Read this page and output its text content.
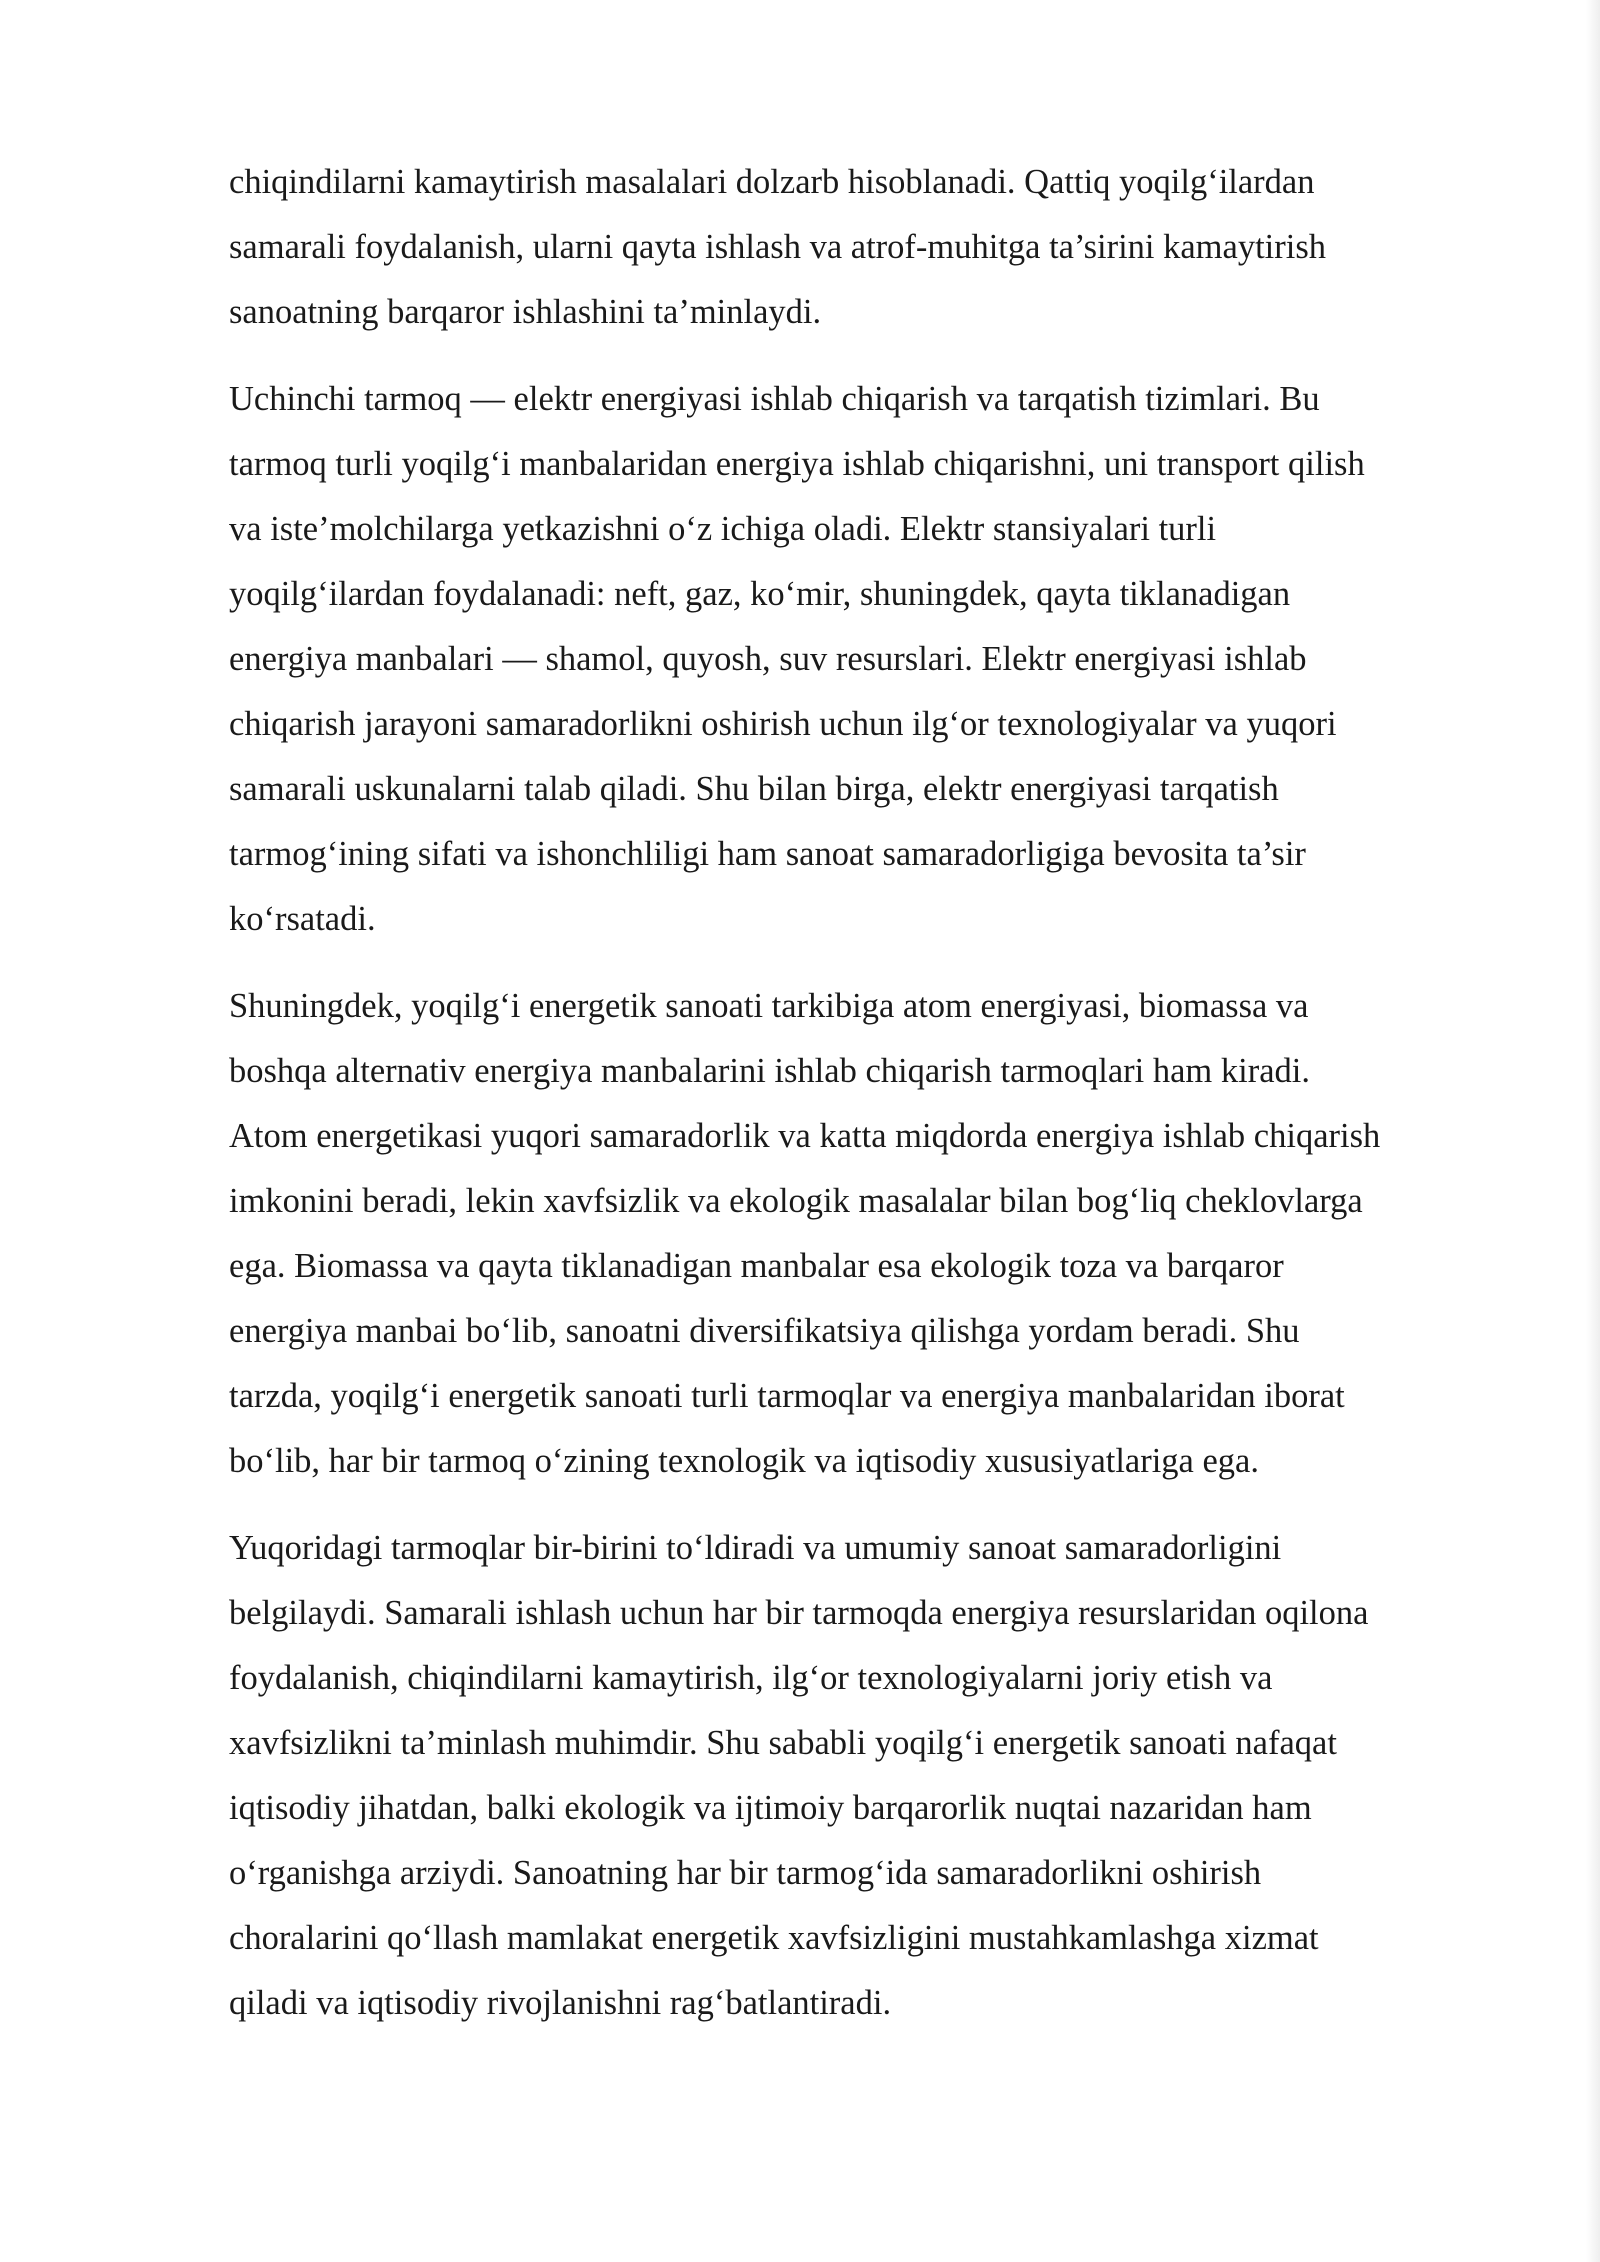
chiqindilarni kamaytirish masalalari dolzarb hisoblanadi. Qattiq yoqilg‘ilardan
samarali foydalanish, ularni qayta ishlash va atrof-muhitga ta’sirini kamaytirish
sanoatning barqaror ishlashini ta’minlaydi.

Uchinchi tarmoq — elektr energiyasi ishlab chiqarish va tarqatish tizimlari. Bu
tarmoq turli yoqilg‘i manbalaridan energiya ishlab chiqarishni, uni transport qilish
va iste’molchilarga yetkazishni o‘z ichiga oladi. Elektr stansiyalari turli
yoqilg‘ilardan foydalanadi: neft, gaz, ko‘mir, shuningdek, qayta tiklanadigan
energiya manbalari — shamol, quyosh, suv resurslari. Elektr energiyasi ishlab
chiqarish jarayoni samaradorlikni oshirish uchun ilg‘or texnologiyalar va yuqori
samarali uskunalarni talab qiladi. Shu bilan birga, elektr energiyasi tarqatish
tarmog‘ining sifati va ishonchliligi ham sanoat samaradorligiga bevosita ta’sir
ko‘rsatadi.

Shuningdek, yoqilg‘i energetik sanoati tarkibiga atom energiyasi, biomassa va
boshqa alternativ energiya manbalarini ishlab chiqarish tarmoqlari ham kiradi.
Atom energetikasi yuqori samaradorlik va katta miqdorda energiya ishlab chiqarish
imkonini beradi, lekin xavfsizlik va ekologik masalalar bilan bog‘liq cheklovlarga
ega. Biomassa va qayta tiklanadigan manbalar esa ekologik toza va barqaror
energiya manbai bo‘lib, sanoatni diversifikatsiya qilishga yordam beradi. Shu
tarzda, yoqilg‘i energetik sanoati turli tarmoqlar va energiya manbalaridan iborat
bo‘lib, har bir tarmoq o‘zining texnologik va iqtisodiy xususiyatlariga ega.

Yuqoridagi tarmoqlar bir-birini to‘ldiradi va umumiy sanoat samaradorligini
belgilaydi. Samarali ishlash uchun har bir tarmoqda energiya resurslaridan oqilona
foydalanish, chiqindilarni kamaytirish, ilg‘or texnologiyalarni joriy etish va
xavfsizlikni ta’minlash muhimdir. Shu sababli yoqilg‘i energetik sanoati nafaqat
iqtisodiy jihatdan, balki ekologik va ijtimoiy barqarorlik nuqtai nazaridan ham
o‘rganishga arziydi. Sanoatning har bir tarmog‘ida samaradorlikni oshirish
choralarini qo‘llash mamlakat energetik xavfsizligini mustahkamlashga xizmat
qiladi va iqtisodiy rivojlanishni rag‘batlantiradi.
